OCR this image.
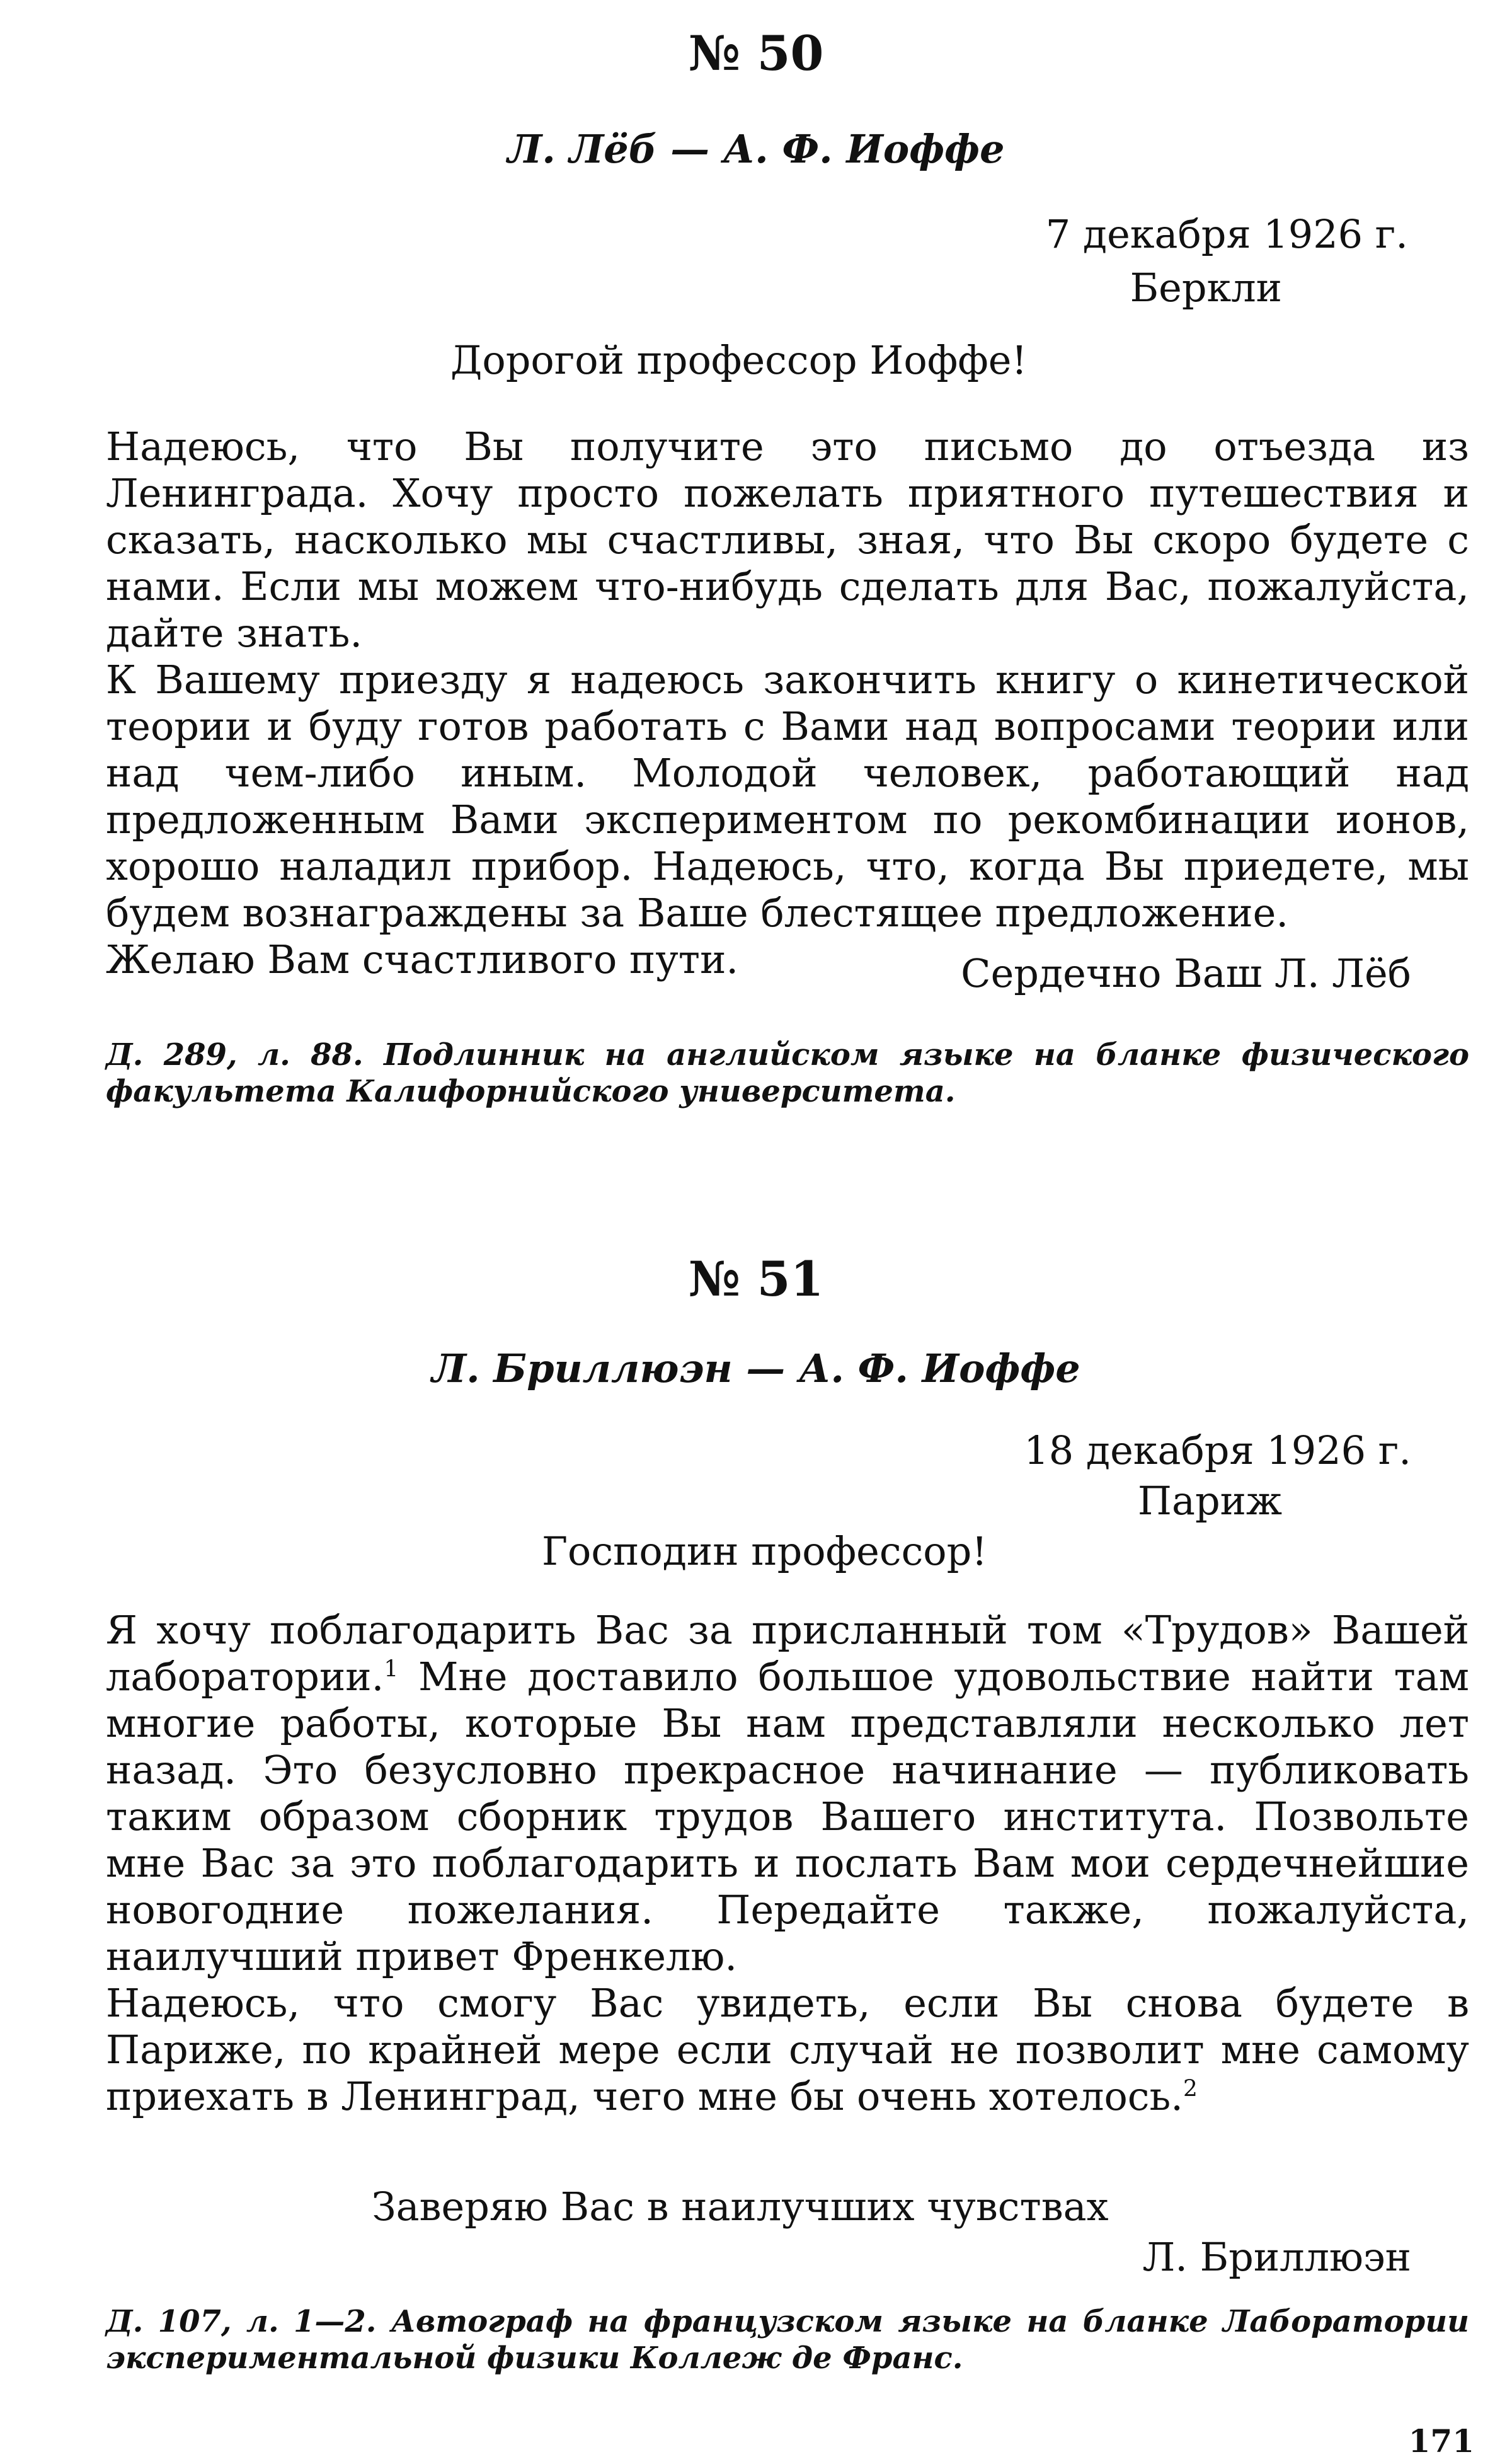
№ 50
Л. Лёб — А. Ф. Иоффе
7 декабря 1926 г.
Беркли
Дорогой профессор Иоффе!

Надеюсь, что Вы получите это письмо до отъезда из Ленинграда. Хочу просто пожелать приятного путешествия и сказать, насколько мы счастливы, зная, что Вы скоро будете с нами. Если мы можем что-нибудь сделать для Вас, пожалуйста, дайте знать.

К Вашему приезду я надеюсь закончить книгу о кинетической теории и буду готов работать с Вами над вопросами теории или над чем-либо иным. Молодой человек, работающий над предложенным Вами экспериментом по рекомбинации ионов, хорошо наладил прибор. Надеюсь, что, когда Вы приедете, мы будем вознаграждены за Ваше блестящее предложение.

Желаю Вам счастливого пути.	Сердечно Ваш Л. Лёб
Д. 289, л. 88. Подлинник на английском языке на бланке физического факультета Калифорнийского университета.
№ 51
Л. Бриллюэн — А. Ф. Иоффе
18 декабря 1926 г.
Париж
Господин профессор!

Я хочу поблагодарить Вас за присланный том «Трудов» Вашей лаборатории.$^1$ Мне доставило большое удовольствие найти там многие работы, которые Вы нам представляли несколько лет назад. Это безусловно прекрасное начинание — публиковать таким образом сборник трудов Вашего института. Позвольте мне Вас за это поблагодарить и послать Вам мои сердечнейшие новогодние пожелания. Передайте также, пожалуйста, наилучший привет Френкелю.

Надеюсь, что смогу Вас увидеть, если Вы снова будете в Париже, по крайней мере если случай не позволит мне самому приехать в Ленинград, чего мне бы очень хотелось.$^2$

Заверяю Вас в наилучших чувствах
Л. Бриллюэн
Д. 107, л. 1—2. Автограф на французском языке на бланке Лаборатории экспериментальной физики Коллеж де Франс.
171
